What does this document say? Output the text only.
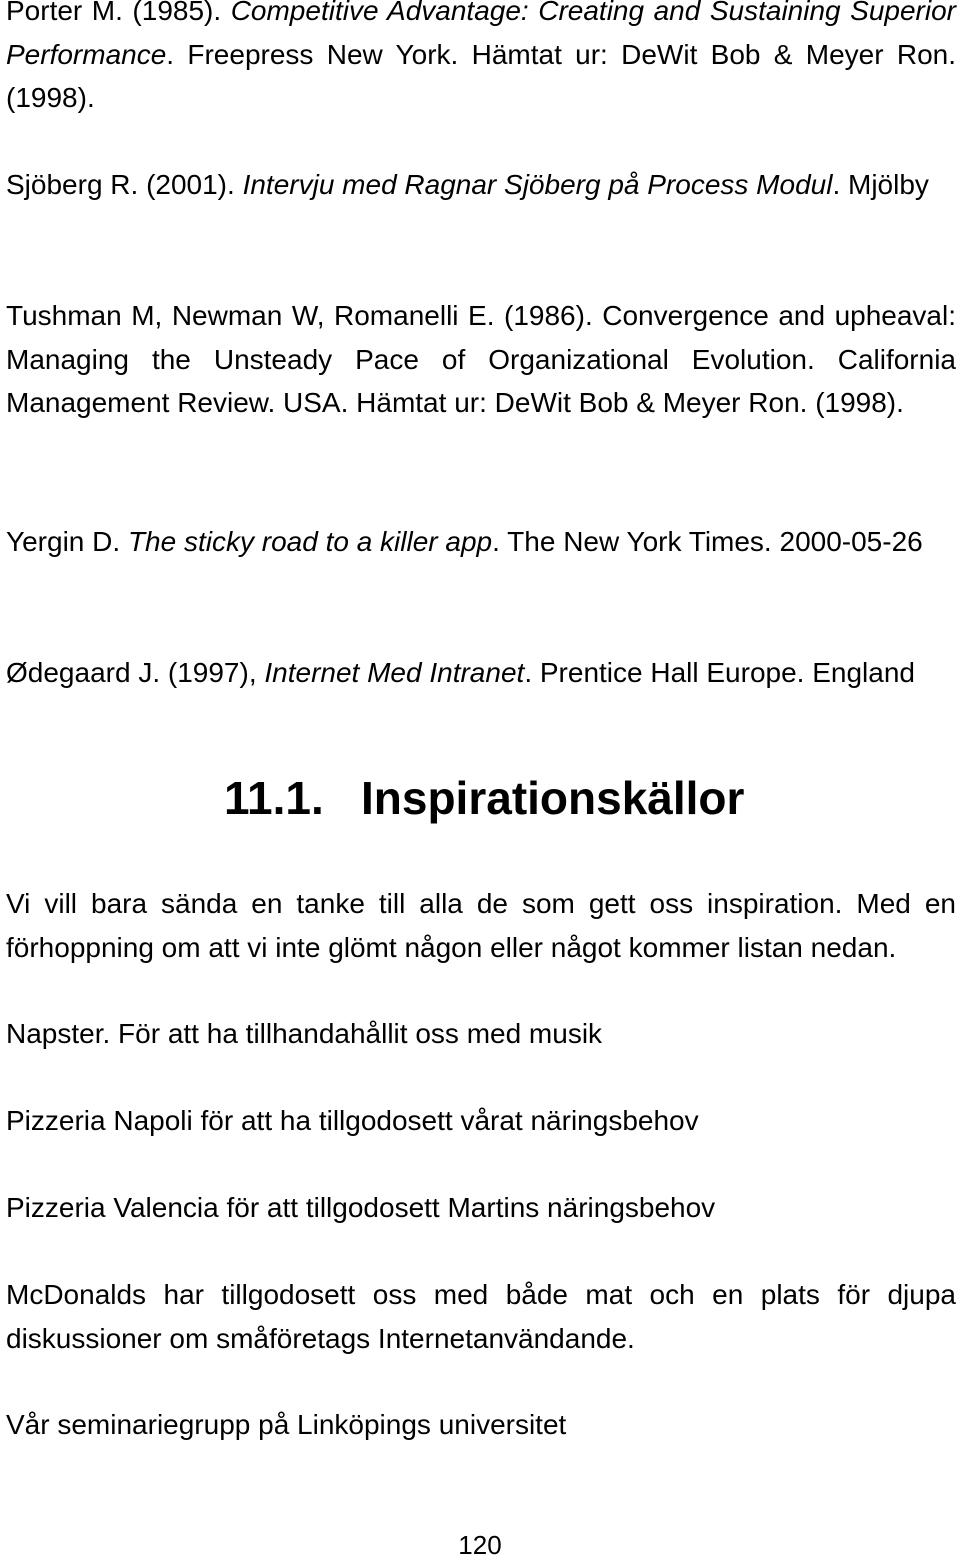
Porter M. (1985). Competitive Advantage: Creating and Sustaining Superior Performance. Freepress New York. Hämtat ur: DeWit Bob & Meyer Ron. (1998).

Sjöberg R. (2001). Intervju med Ragnar Sjöberg på Process Modul. Mjölby

Tushman M, Newman W, Romanelli E. (1986). Convergence and upheaval: Managing the Unsteady Pace of Organizational Evolution. California Management Review. USA. Hämtat ur: DeWit Bob & Meyer Ron. (1998).

Yergin D. The sticky road to a killer app. The New York Times. 2000-05-26

Ødegaard J. (1997), Internet Med Intranet. Prentice Hall Europe. England

11.1. Inspirationskällor

Vi vill bara sända en tanke till alla de som gett oss inspiration. Med en förhoppning om att vi inte glömt någon eller något kommer listan nedan.

Napster. För att ha tillhandahållit oss med musik

Pizzeria Napoli för att ha tillgodosett vårat näringsbehov

Pizzeria Valencia för att tillgodosett Martins näringsbehov

McDonalds har tillgodosett oss med både mat och en plats för djupa diskussioner om småföretags Internetanvändande.

Vår seminariegrupp på Linköpings universitet

120
